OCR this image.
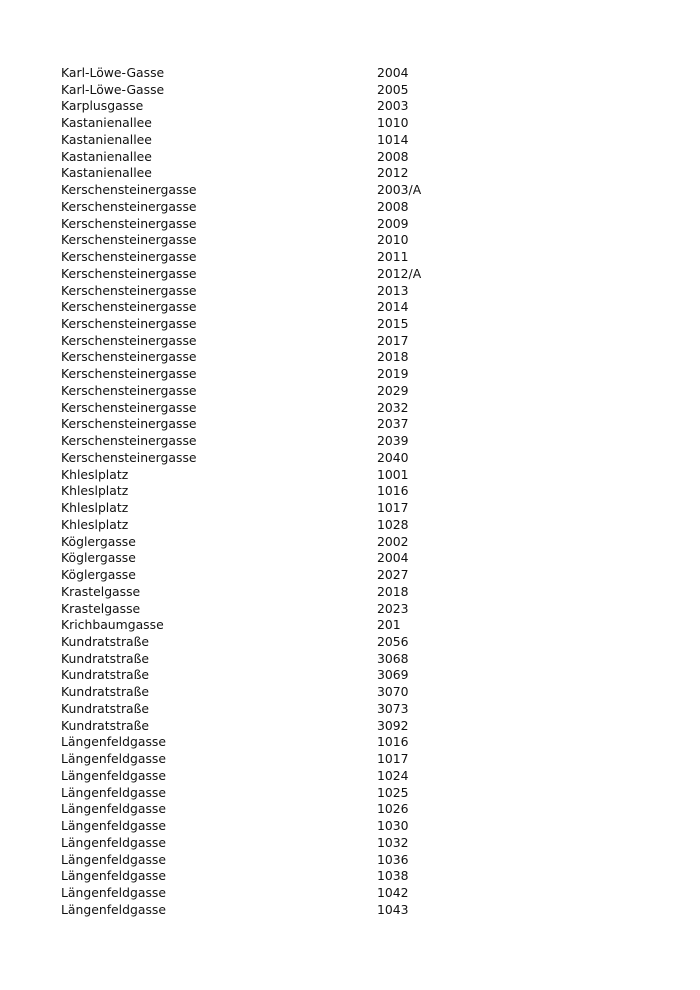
Karl-Löwe-Gasse	2004
Karl-Löwe-Gasse	2005
Karplusgasse	2003
Kastanienallee	1010
Kastanienallee	1014
Kastanienallee	2008
Kastanienallee	2012
Kerschensteinergasse	2003/A
Kerschensteinergasse	2008
Kerschensteinergasse	2009
Kerschensteinergasse	2010
Kerschensteinergasse	2011
Kerschensteinergasse	2012/A
Kerschensteinergasse	2013
Kerschensteinergasse	2014
Kerschensteinergasse	2015
Kerschensteinergasse	2017
Kerschensteinergasse	2018
Kerschensteinergasse	2019
Kerschensteinergasse	2029
Kerschensteinergasse	2032
Kerschensteinergasse	2037
Kerschensteinergasse	2039
Kerschensteinergasse	2040
Khleslplatz	1001
Khleslplatz	1016
Khleslplatz	1017
Khleslplatz	1028
Köglergasse	2002
Köglergasse	2004
Köglergasse	2027
Krastelgasse	2018
Krastelgasse	2023
Krichbaumgasse	201
Kundratstraße	2056
Kundratstraße	3068
Kundratstraße	3069
Kundratstraße	3070
Kundratstraße	3073
Kundratstraße	3092
Längenfeldgasse	1016
Längenfeldgasse	1017
Längenfeldgasse	1024
Längenfeldgasse	1025
Längenfeldgasse	1026
Längenfeldgasse	1030
Längenfeldgasse	1032
Längenfeldgasse	1036
Längenfeldgasse	1038
Längenfeldgasse	1042
Längenfeldgasse	1043
